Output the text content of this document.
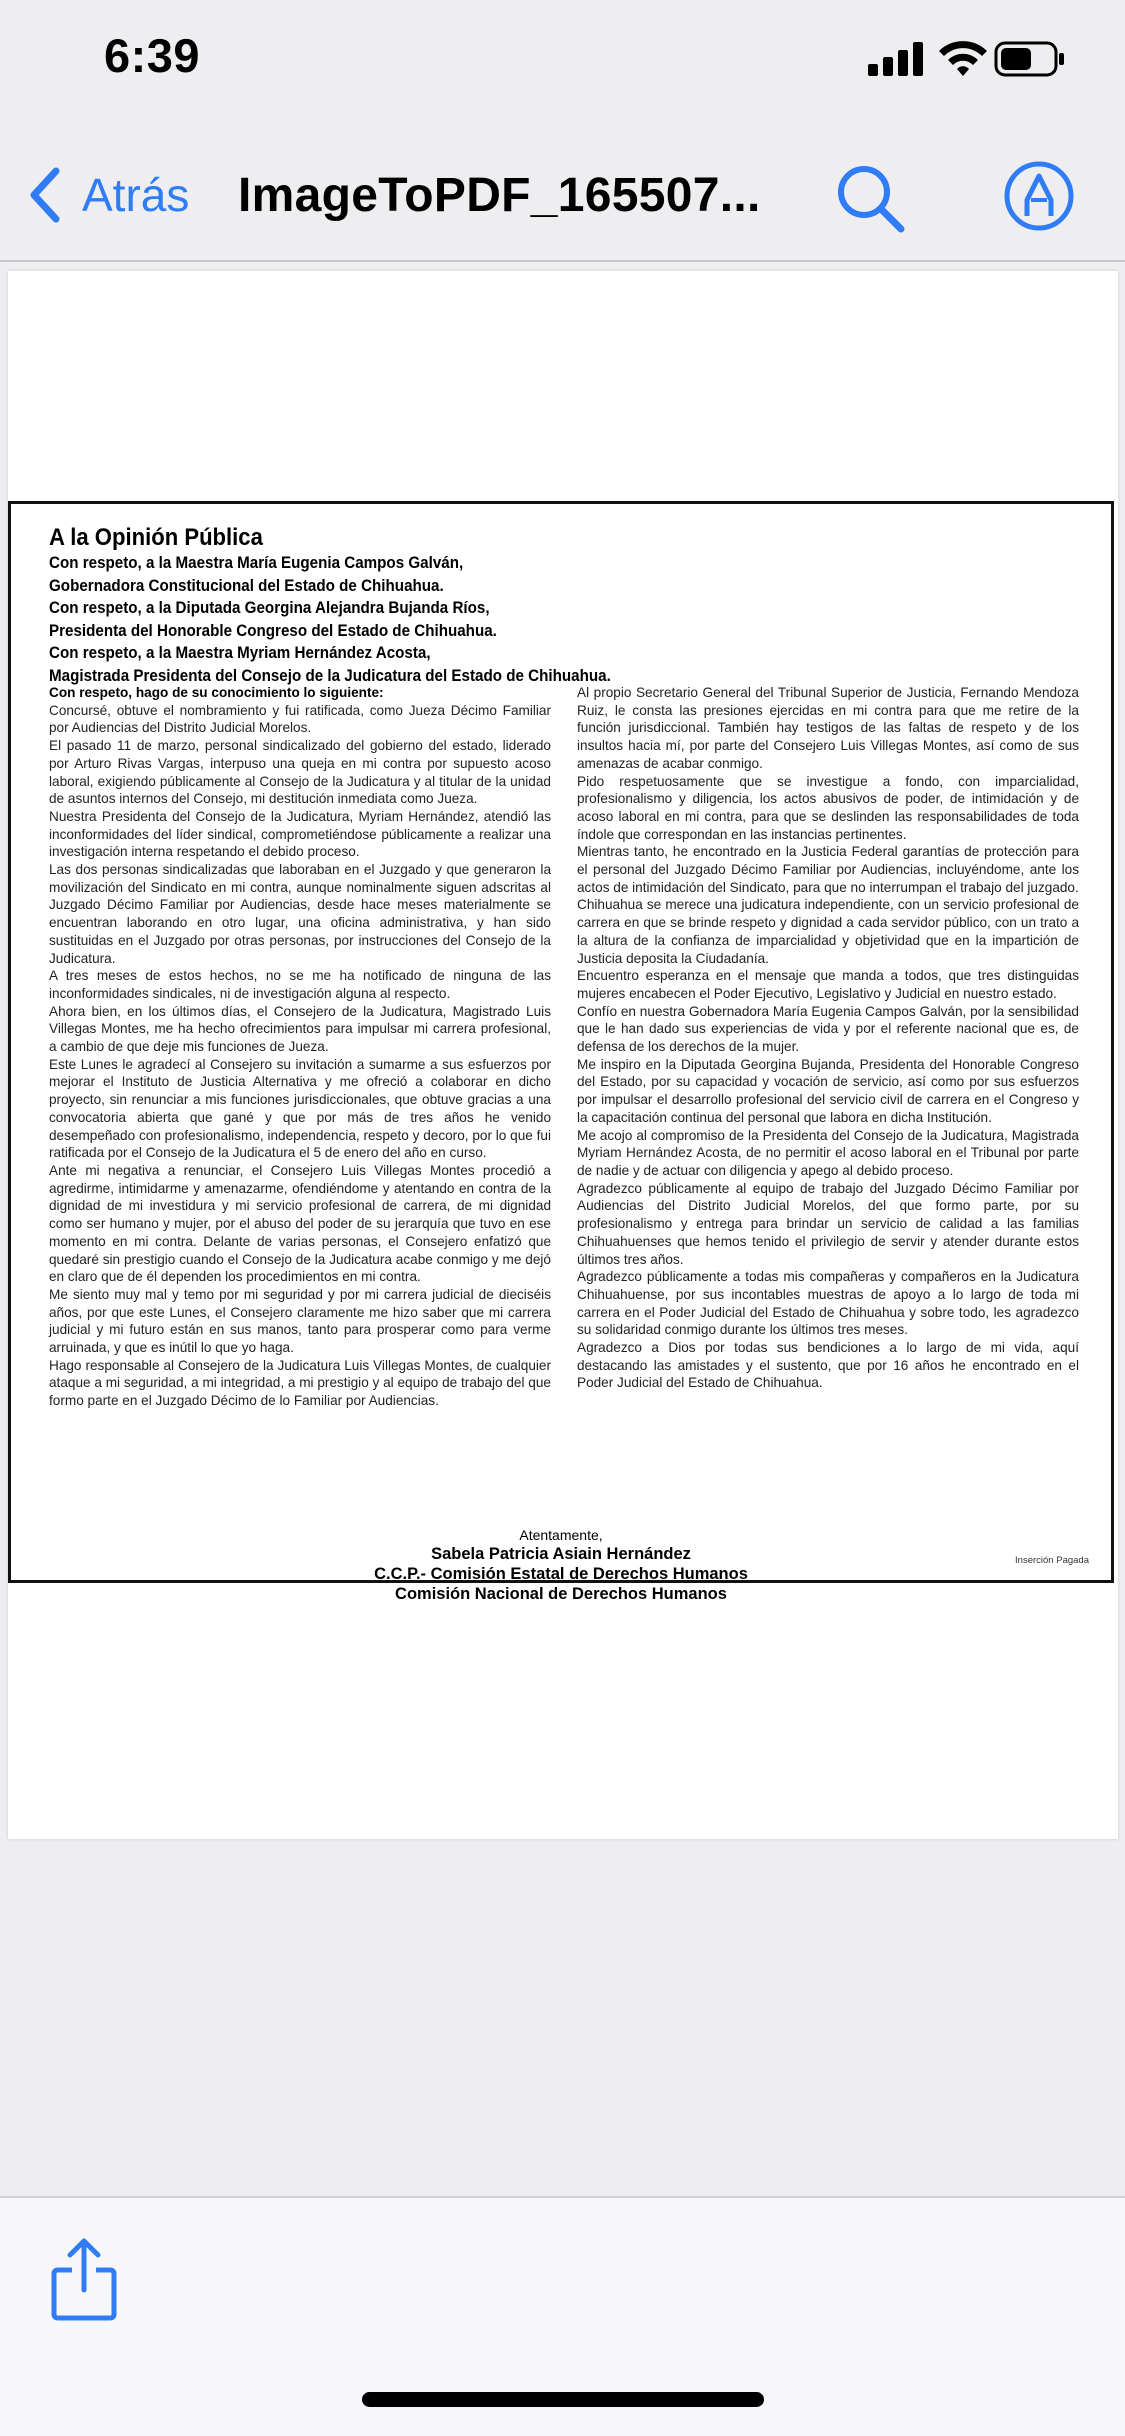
6:39
Atrás ImageToPDF_165507...
A la Opinión Pública
Con respeto, a la Maestra María Eugenia Campos Galván,
Gobernadora Constitucional del Estado de Chihuahua.
Con respeto, a la Diputada Georgina Alejandra Bujanda Ríos,
Presidenta del Honorable Congreso del Estado de Chihuahua.
Con respeto, a la Maestra Myriam Hernández Acosta,
Magistrada Presidenta del Consejo de la Judicatura del Estado de Chihuahua.

Con respeto, hago de su conocimiento lo siguiente:

Concursé, obtuve el nombramiento y fui ratificada, como Jueza Décimo Familiar por Audiencias del Distrito Judicial Morelos.

El pasado 11 de marzo, personal sindicalizado del gobierno del estado, liderado por Arturo Rivas Vargas, interpuso una queja en mi contra por supuesto acoso laboral, exigiendo públicamente al Consejo de la Judicatura y al titular de la unidad de asuntos internos del Consejo, mi destitución inmediata como Jueza.

Nuestra Presidenta del Consejo de la Judicatura, Myriam Hernández, atendió las inconformidades del líder sindical, comprometiéndose públicamente a realizar una investigación interna respetando el debido proceso.

Las dos personas sindicalizadas que laboraban en el Juzgado y que generaron la movilización del Sindicato en mi contra, aunque nominalmente siguen adscritas al Juzgado Décimo Familiar por Audiencias, desde hace meses materialmente se encuentran laborando en otro lugar, una oficina administrativa, y han sido sustituidas en el Juzgado por otras personas, por instrucciones del Consejo de la Judicatura.

A tres meses de estos hechos, no se me ha notificado de ninguna de las inconformidades sindicales, ni de investigación alguna al respecto.

Ahora bien, en los últimos días, el Consejero de la Judicatura, Magistrado Luis Villegas Montes, me ha hecho ofrecimientos para impulsar mi carrera profesional, a cambio de que deje mis funciones de Jueza.

Este Lunes le agradecí al Consejero su invitación a sumarme a sus esfuerzos por mejorar el Instituto de Justicia Alternativa y me ofreció a colaborar en dicho proyecto, sin renunciar a mis funciones jurisdiccionales, que obtuve gracias a una convocatoria abierta que gané y que por más de tres años he venido desempeñado con profesionalismo, independencia, respeto y decoro, por lo que fui ratificada por el Consejo de la Judicatura el 5 de enero del año en curso.

Ante mi negativa a renunciar, el Consejero Luis Villegas Montes procedió a agredirme, intimidarme y amenazarme, ofendiéndome y atentando en contra de la dignidad de mi investidura y mi servicio profesional de carrera, de mi dignidad como ser humano y mujer, por el abuso del poder de su jerarquía que tuvo en ese momento en mi contra. Delante de varias personas, el Consejero enfatizó que quedaré sin prestigio cuando el Consejo de la Judicatura acabe conmigo y me dejó en claro que de él dependen los procedimientos en mi contra.

Me siento muy mal y temo por mi seguridad y por mi carrera judicial de dieciséis años, por que este Lunes, el Consejero claramente me hizo saber que mi carrera judicial y mi futuro están en sus manos, tanto para prosperar como para verme arruinada, y que es inútil lo que yo haga.

Hago responsable al Consejero de la Judicatura Luis Villegas Montes, de cualquier ataque a mi seguridad, a mi integridad, a mi prestigio y al equipo de trabajo del que formo parte en el Juzgado Décimo de lo Familiar por Audiencias.

Al propio Secretario General del Tribunal Superior de Justicia, Fernando Mendoza Ruiz, le consta las presiones ejercidas en mi contra para que me retire de la función jurisdiccional. También hay testigos de las faltas de respeto y de los insultos hacia mí, por parte del Consejero Luis Villegas Montes, así como de sus amenazas de acabar conmigo.

Pido respetuosamente que se investigue a fondo, con imparcialidad, profesionalismo y diligencia, los actos abusivos de poder, de intimidación y de acoso laboral en mi contra, para que se deslinden las responsabilidades de toda índole que correspondan en las instancias pertinentes.

Mientras tanto, he encontrado en la Justicia Federal garantías de protección para el personal del Juzgado Décimo Familiar por Audiencias, incluyéndome, ante los actos de intimidación del Sindicato, para que no interrumpan el trabajo del juzgado.

Chihuahua se merece una judicatura independiente, con un servicio profesional de carrera en que se brinde respeto y dignidad a cada servidor público, con un trato a la altura de la confianza de imparcialidad y objetividad que en la impartición de Justicia deposita la Ciudadanía.

Encuentro esperanza en el mensaje que manda a todos, que tres distinguidas mujeres encabecen el Poder Ejecutivo, Legislativo y Judicial en nuestro estado.

Confío en nuestra Gobernadora María Eugenia Campos Galván, por la sensibilidad que le han dado sus experiencias de vida y por el referente nacional que es, de defensa de los derechos de la mujer.

Me inspiro en la Diputada Georgina Bujanda, Presidenta del Honorable Congreso del Estado, por su capacidad y vocación de servicio, así como por sus esfuerzos por impulsar el desarrollo profesional del servicio civil de carrera en el Congreso y la capacitación continua del personal que labora en dicha Institución.

Me acojo al compromiso de la Presidenta del Consejo de la Judicatura, Magistrada Myriam Hernández Acosta, de no permitir el acoso laboral en el Tribunal por parte de nadie y de actuar con diligencia y apego al debido proceso.

Agradezco públicamente al equipo de trabajo del Juzgado Décimo Familiar por Audiencias del Distrito Judicial Morelos, del que formo parte, por su profesionalismo y entrega para brindar un servicio de calidad a las familias Chihuahuenses que hemos tenido el privilegio de servir y atender durante estos últimos tres años.

Agradezco públicamente a todas mis compañeras y compañeros en la Judicatura Chihuahuense, por sus incontables muestras de apoyo a lo largo de toda mi carrera en el Poder Judicial del Estado de Chihuahua y sobre todo, les agradezco su solidaridad conmigo durante los últimos tres meses.

Agradezco a Dios por todas sus bendiciones a lo largo de mi vida, aquí destacando las amistades y el sustento, que por 16 años he encontrado en el Poder Judicial del Estado de Chihuahua.

Atentamente,
Sabela Patricia Asiain Hernández
C.C.P.- Comisión Estatal de Derechos Humanos
Comisión Nacional de Derechos Humanos
Inserción Pagada
